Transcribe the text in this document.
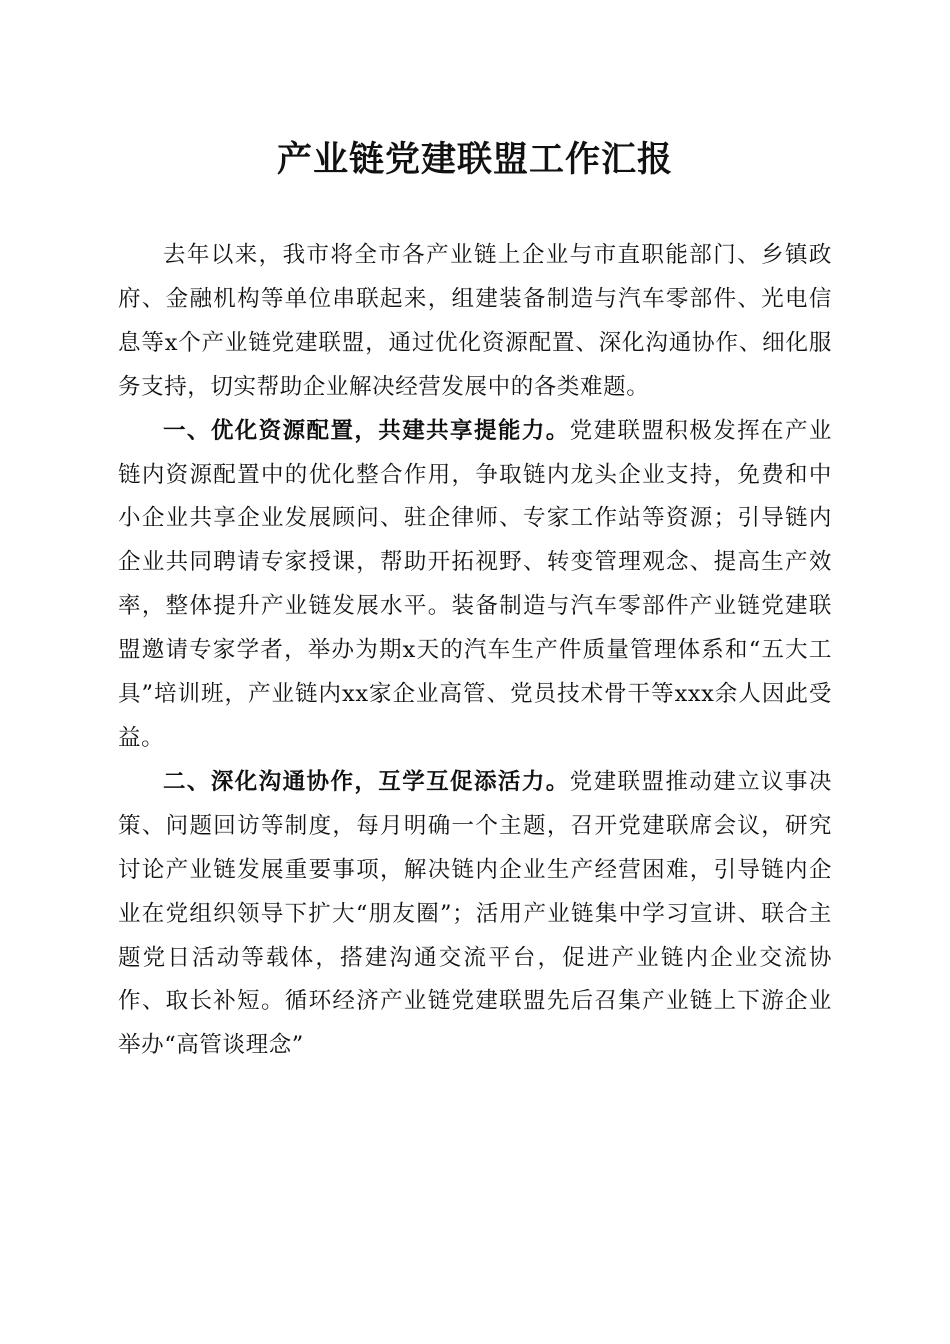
产业链党建联盟工作汇报

去年以来，我市将全市各产业链上企业与市直职能部门、乡镇政府、金融机构等单位串联起来，组建装备制造与汽车零部件、光电信息等x个产业链党建联盟，通过优化资源配置、深化沟通协作、细化服务支持，切实帮助企业解决经营发展中的各类难题。

一、优化资源配置，共建共享提能力。党建联盟积极发挥在产业链内资源配置中的优化整合作用，争取链内龙头企业支持，免费和中小企业共享企业发展顾问、驻企律师、专家工作站等资源；引导链内企业共同聘请专家授课，帮助开拓视野、转变管理观念、提高生产效率，整体提升产业链发展水平。装备制造与汽车零部件产业链党建联盟邀请专家学者，举办为期x天的汽车生产件质量管理体系和“五大工具”培训班，产业链内xx家企业高管、党员技术骨干等xxx余人因此受益。

二、深化沟通协作，互学互促添活力。党建联盟推动建立议事决策、问题回访等制度，每月明确一个主题，召开党建联席会议，研究讨论产业链发展重要事项，解决链内企业生产经营困难，引导链内企业在党组织领导下扩大“朋友圈”；活用产业链集中学习宣讲、联合主题党日活动等载体，搭建沟通交流平台，促进产业链内企业交流协作、取长补短。循环经济产业链党建联盟先后召集产业链上下游企业举办“高管谈理念”
